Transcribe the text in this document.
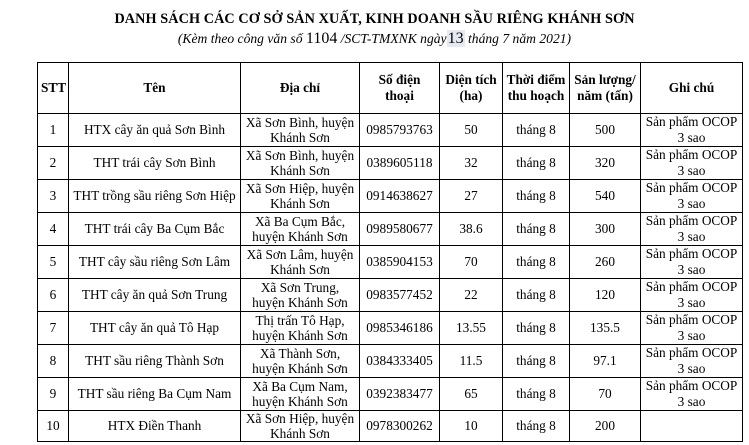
DANH SÁCH CÁC CƠ SỞ SẢN XUẤT, KINH DOANH SẦU RIÊNG KHÁNH SƠN
(Kèm theo công văn số 1104 /SCT-TMXNK ngày13 tháng 7 năm 2021)
STT	Tên	Địa chỉ	Số điện thoại	Diện tích (ha)	Thời điểm thu hoạch	Sản lượng/ năm (tấn)	Ghi chú
1	HTX cây ăn quả Sơn Bình	Xã Sơn Bình, huyện Khánh Sơn	0985793763	50	tháng 8	500	Sản phẩm OCOP 3 sao
2	THT trái cây Sơn Bình	Xã Sơn Bình, huyện Khánh Sơn	0389605118	32	tháng 8	320	Sản phẩm OCOP 3 sao
3	THT trồng sầu riêng Sơn Hiệp	Xã Sơn Hiệp, huyện Khánh Sơn	0914638627	27	tháng 8	540	Sản phẩm OCOP 3 sao
4	THT trái cây Ba Cụm Bắc	Xã Ba Cụm Bắc, huyện Khánh Sơn	0989580677	38.6	tháng 8	300	Sản phẩm OCOP 3 sao
5	THT cây sầu riêng Sơn Lâm	Xã Sơn Lâm, huyện Khánh Sơn	0385904153	70	tháng 8	260	Sản phẩm OCOP 3 sao
6	THT cây ăn quả Sơn Trung	Xã Sơn Trung, huyện Khánh Sơn	0983577452	22	tháng 8	120	Sản phẩm OCOP 3 sao
7	THT cây ăn quả Tô Hạp	Thị trấn Tô Hạp, huyện Khánh Sơn	0985346186	13.55	tháng 8	135.5	Sản phẩm OCOP 3 sao
8	THT sầu riêng Thành Sơn	Xã Thành Sơn, huyện Khánh Sơn	0384333405	11.5	tháng 8	97.1	Sản phẩm OCOP 3 sao
9	THT sầu riêng Ba Cụm Nam	Xã Ba Cụm Nam, huyện Khánh Sơn	0392383477	65	tháng 8	70	Sản phẩm OCOP 3 sao
10	HTX Điền Thanh	Xã Sơn Hiệp, huyện Khánh Sơn	0978300262	10	tháng 8	200	
